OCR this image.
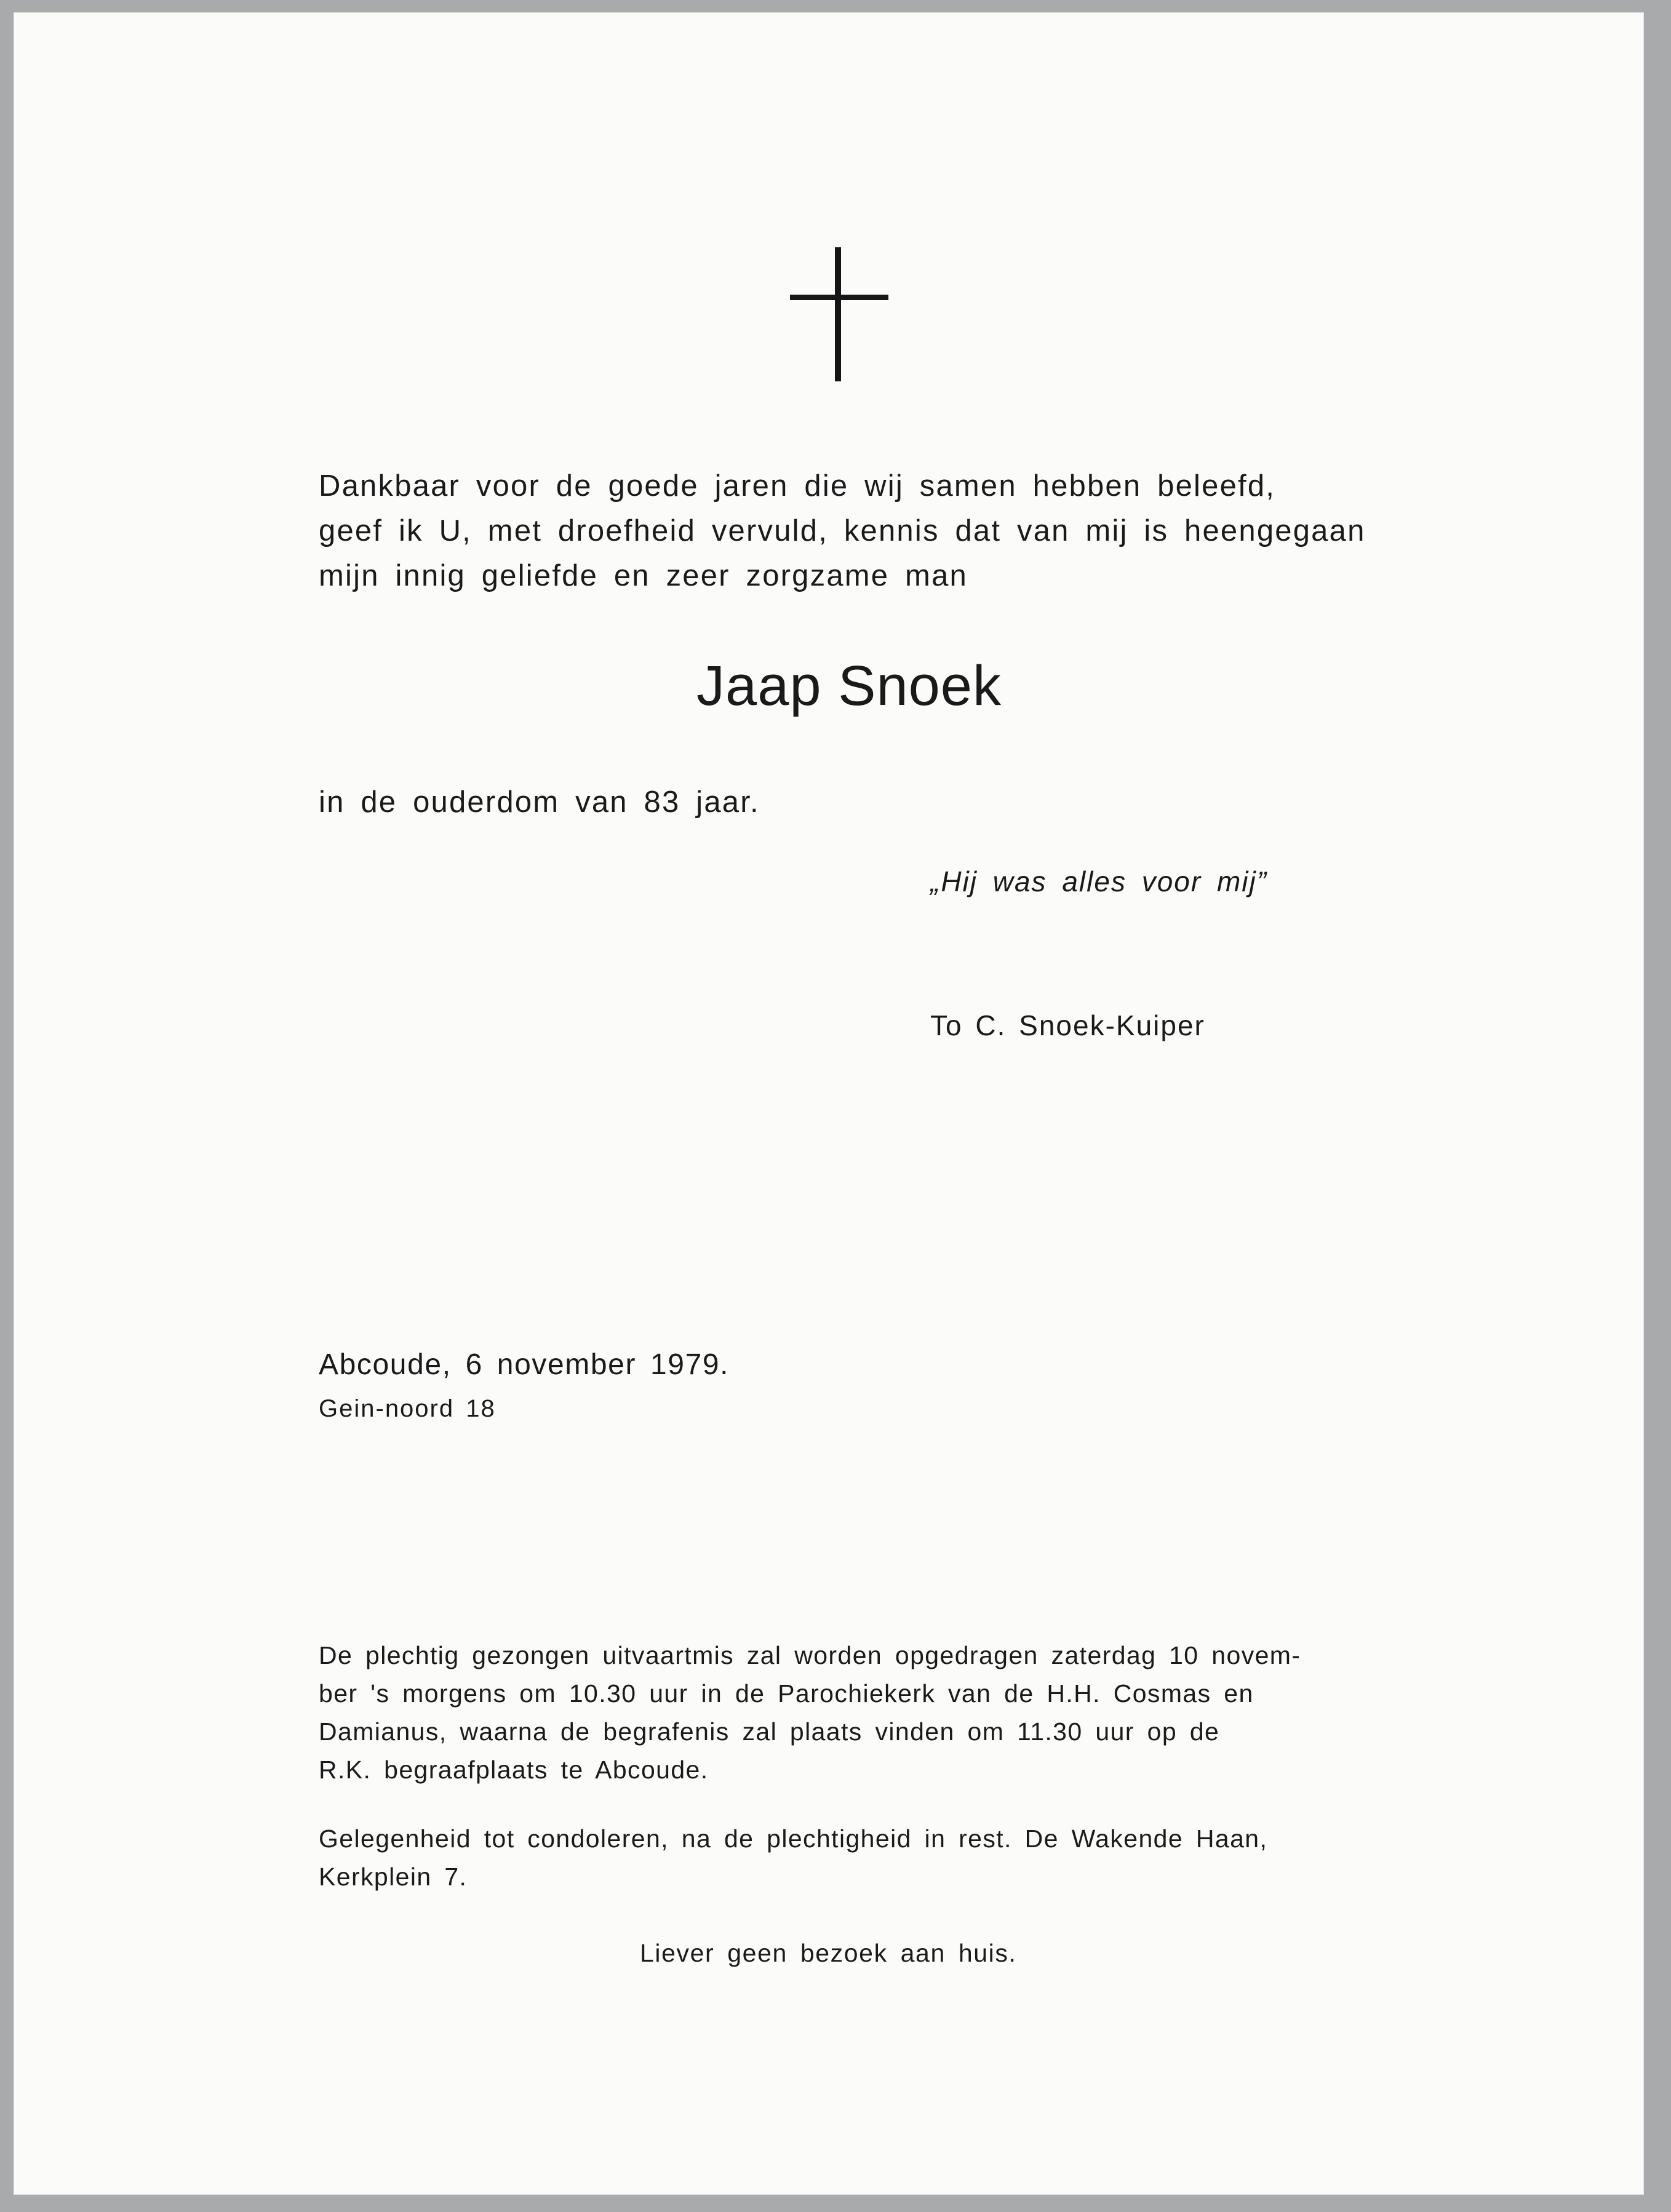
Dankbaar voor de goede jaren die wij samen hebben beleefd,
geef ik U, met droefheid vervuld, kennis dat van mij is heengegaan
mijn innig geliefde en zeer zorgzame man
Jaap Snoek
in de ouderdom van 83 jaar.
„Hij was alles voor mij”
To C. Snoek-Kuiper
Abcoude, 6 november 1979.
Gein-noord 18
De plechtig gezongen uitvaartmis zal worden opgedragen zaterdag 10 novem-
ber 's morgens om 10.30 uur in de Parochiekerk van de H.H. Cosmas en
Damianus, waarna de begrafenis zal plaats vinden om 11.30 uur op de
R.K. begraafplaats te Abcoude.
Gelegenheid tot condoleren, na de plechtigheid in rest. De Wakende Haan,
Kerkplein 7.
Liever geen bezoek aan huis.
